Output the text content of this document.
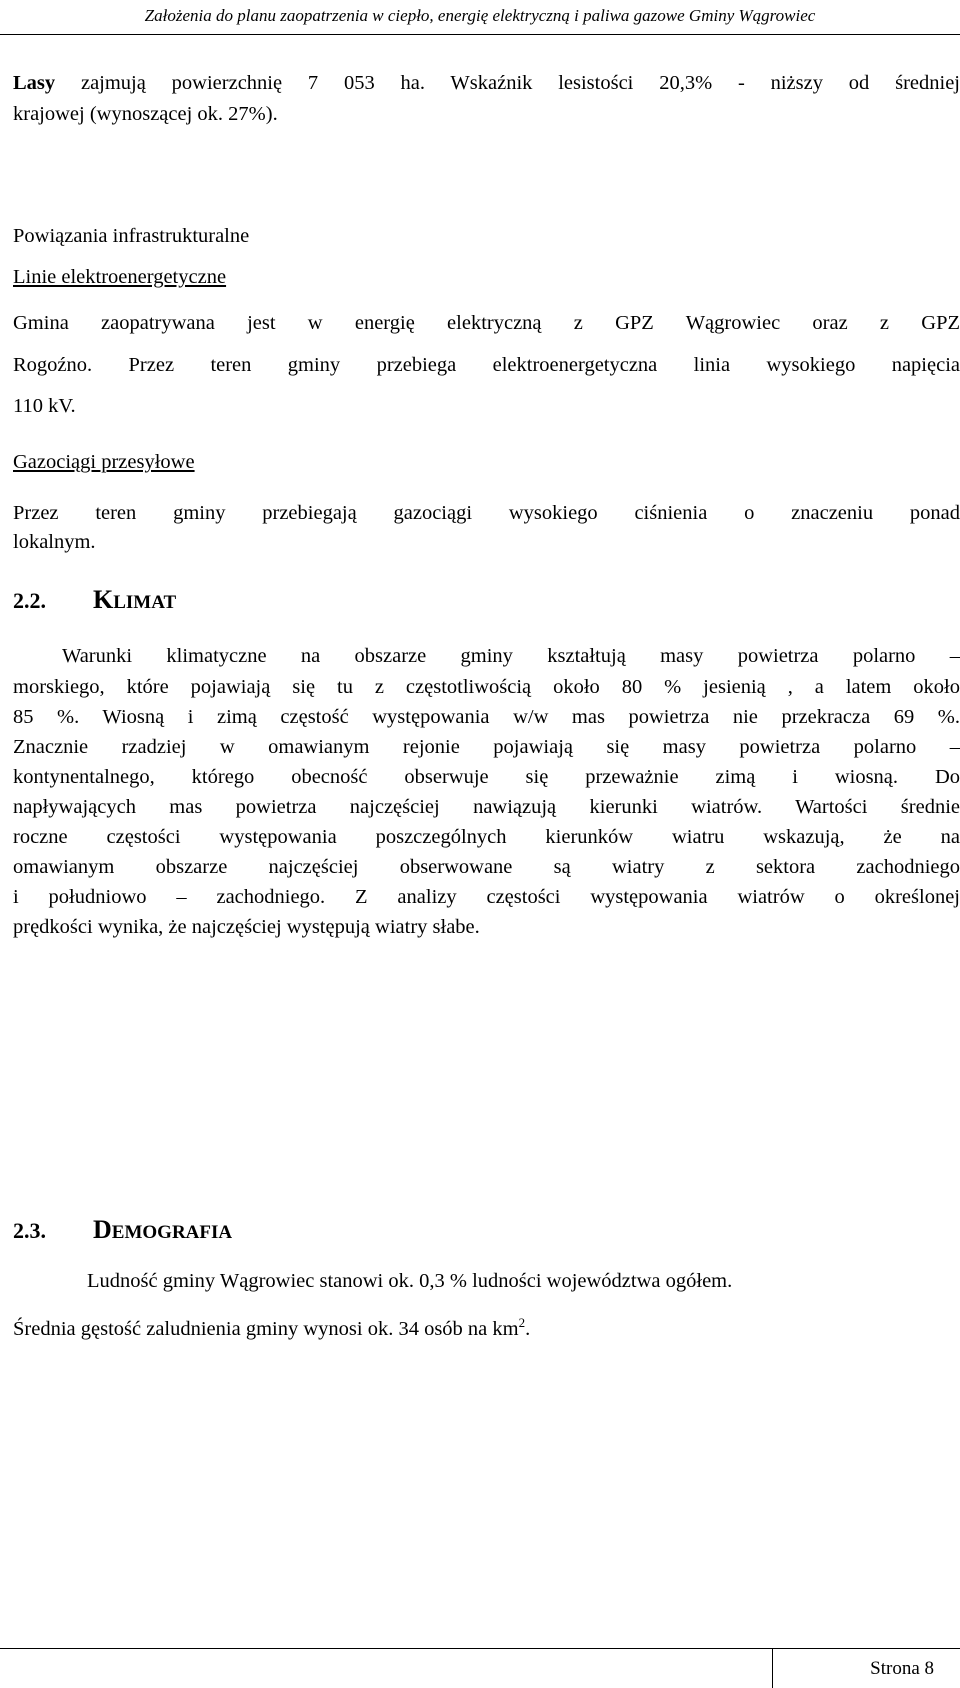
Założenia do planu zaopatrzenia w ciepło, energię elektryczną i paliwa gazowe Gminy Wągrowiec
Lasy zajmują powierzchnię 7 053 ha. Wskaźnik lesistości 20,3% - niższy od średniej
krajowej (wynoszącej ok. 27%).
Powiązania infrastrukturalne
Linie elektroenergetyczne
Gmina zaopatrywana jest w energię elektryczną z GPZ Wągrowiec oraz z GPZ
Rogoźno. Przez teren gminy przebiega elektroenergetyczna linia wysokiego napięcia
110 kV.
Gazociągi przesyłowe
Przez teren gminy przebiegają gazociągi wysokiego ciśnienia o znaczeniu ponad
lokalnym.
2.2. KLIMAT
Warunki klimatyczne na obszarze gminy kształtują masy powietrza polarno –
morskiego, które pojawiają się tu z częstotliwością około 80 % jesienią , a latem około
85 %. Wiosną i zimą częstość występowania w/w mas powietrza nie przekracza 69 %.
Znacznie rzadziej w omawianym rejonie pojawiają się masy powietrza polarno –
kontynentalnego, którego obecność obserwuje się przeważnie zimą i wiosną. Do
napływających mas powietrza najczęściej nawiązują kierunki wiatrów. Wartości średnie
roczne częstości występowania poszczególnych kierunków wiatru wskazują, że na
omawianym obszarze najczęściej obserwowane są wiatry z sektora zachodniego
i południowo – zachodniego. Z analizy częstości występowania wiatrów o określonej
prędkości wynika, że najczęściej występują wiatry słabe.
2.3. DEMOGRAFIA
Ludność gminy Wągrowiec stanowi ok. 0,3 % ludności województwa ogółem.
Średnia gęstość zaludnienia gminy wynosi ok. 34 osób na $km^2$.
Strona 8
